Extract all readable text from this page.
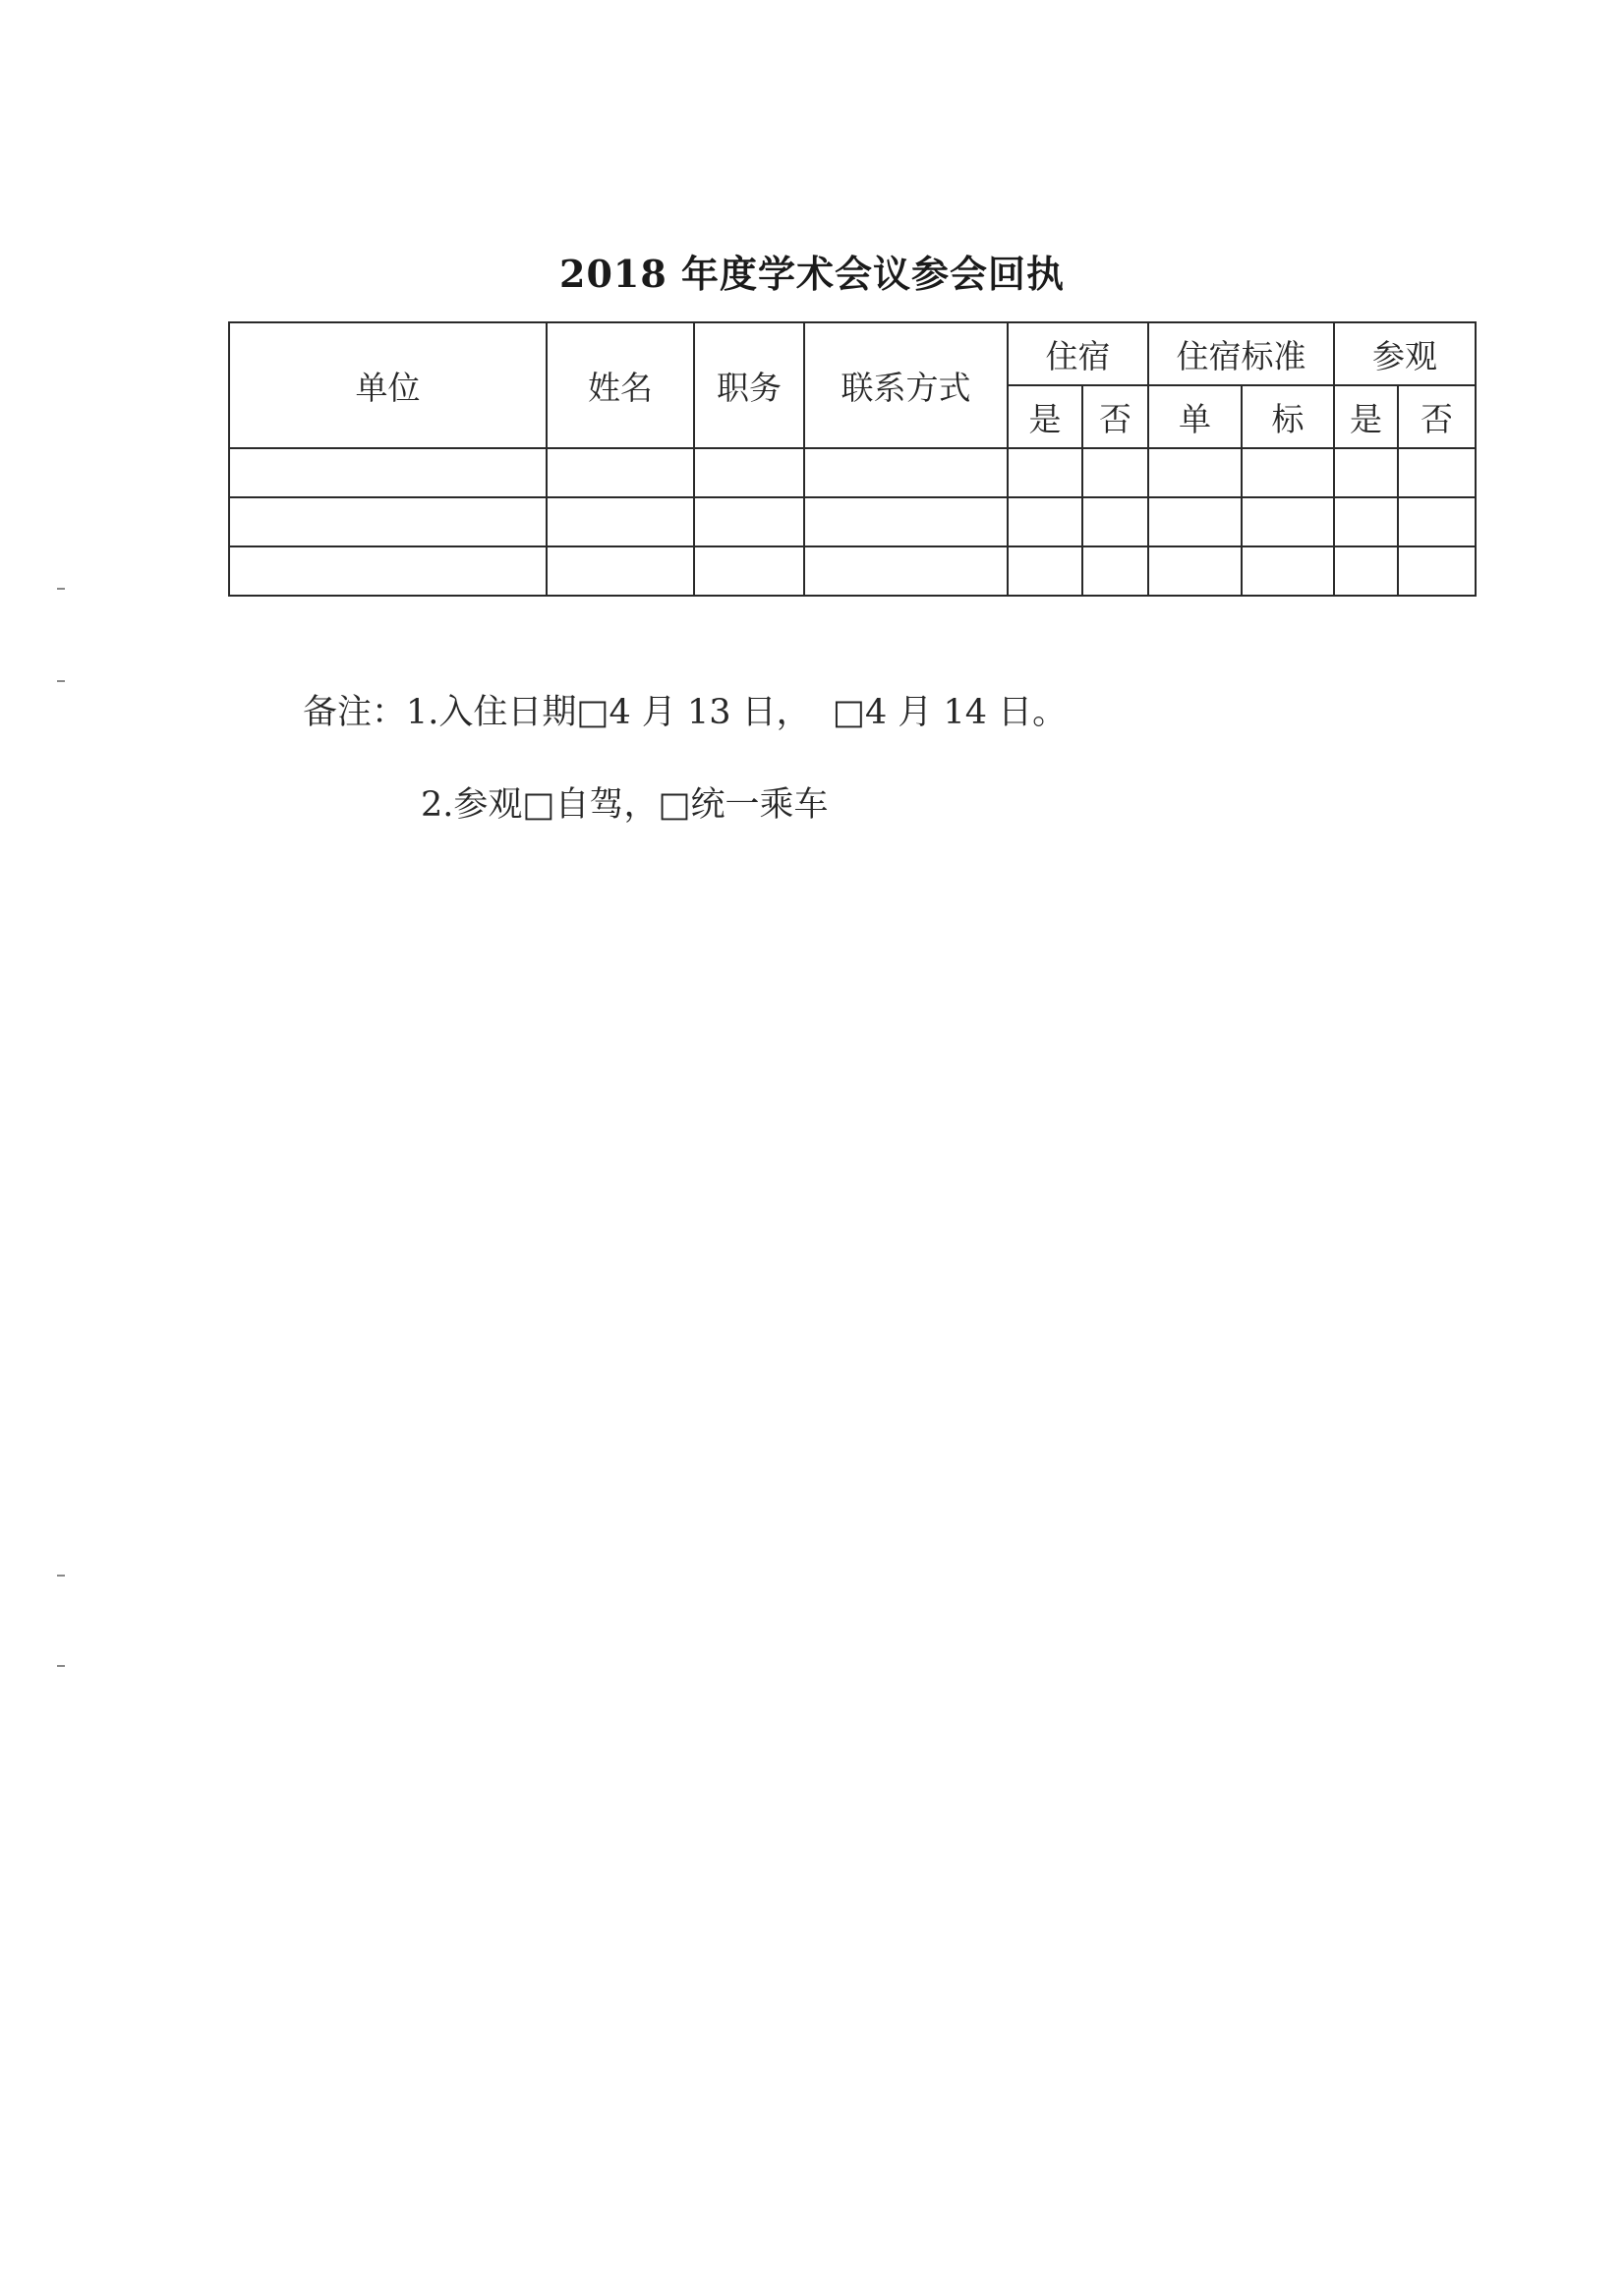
2018 年度学术会议参会回执
单位	姓名	职务	联系方式	住宿		住宿标准		参观	
				是	否	单	标	是	否

备注：1.入住日期□4 月 13 日，  □4 月 14 日。
2.参观□自驾，□统一乘车
